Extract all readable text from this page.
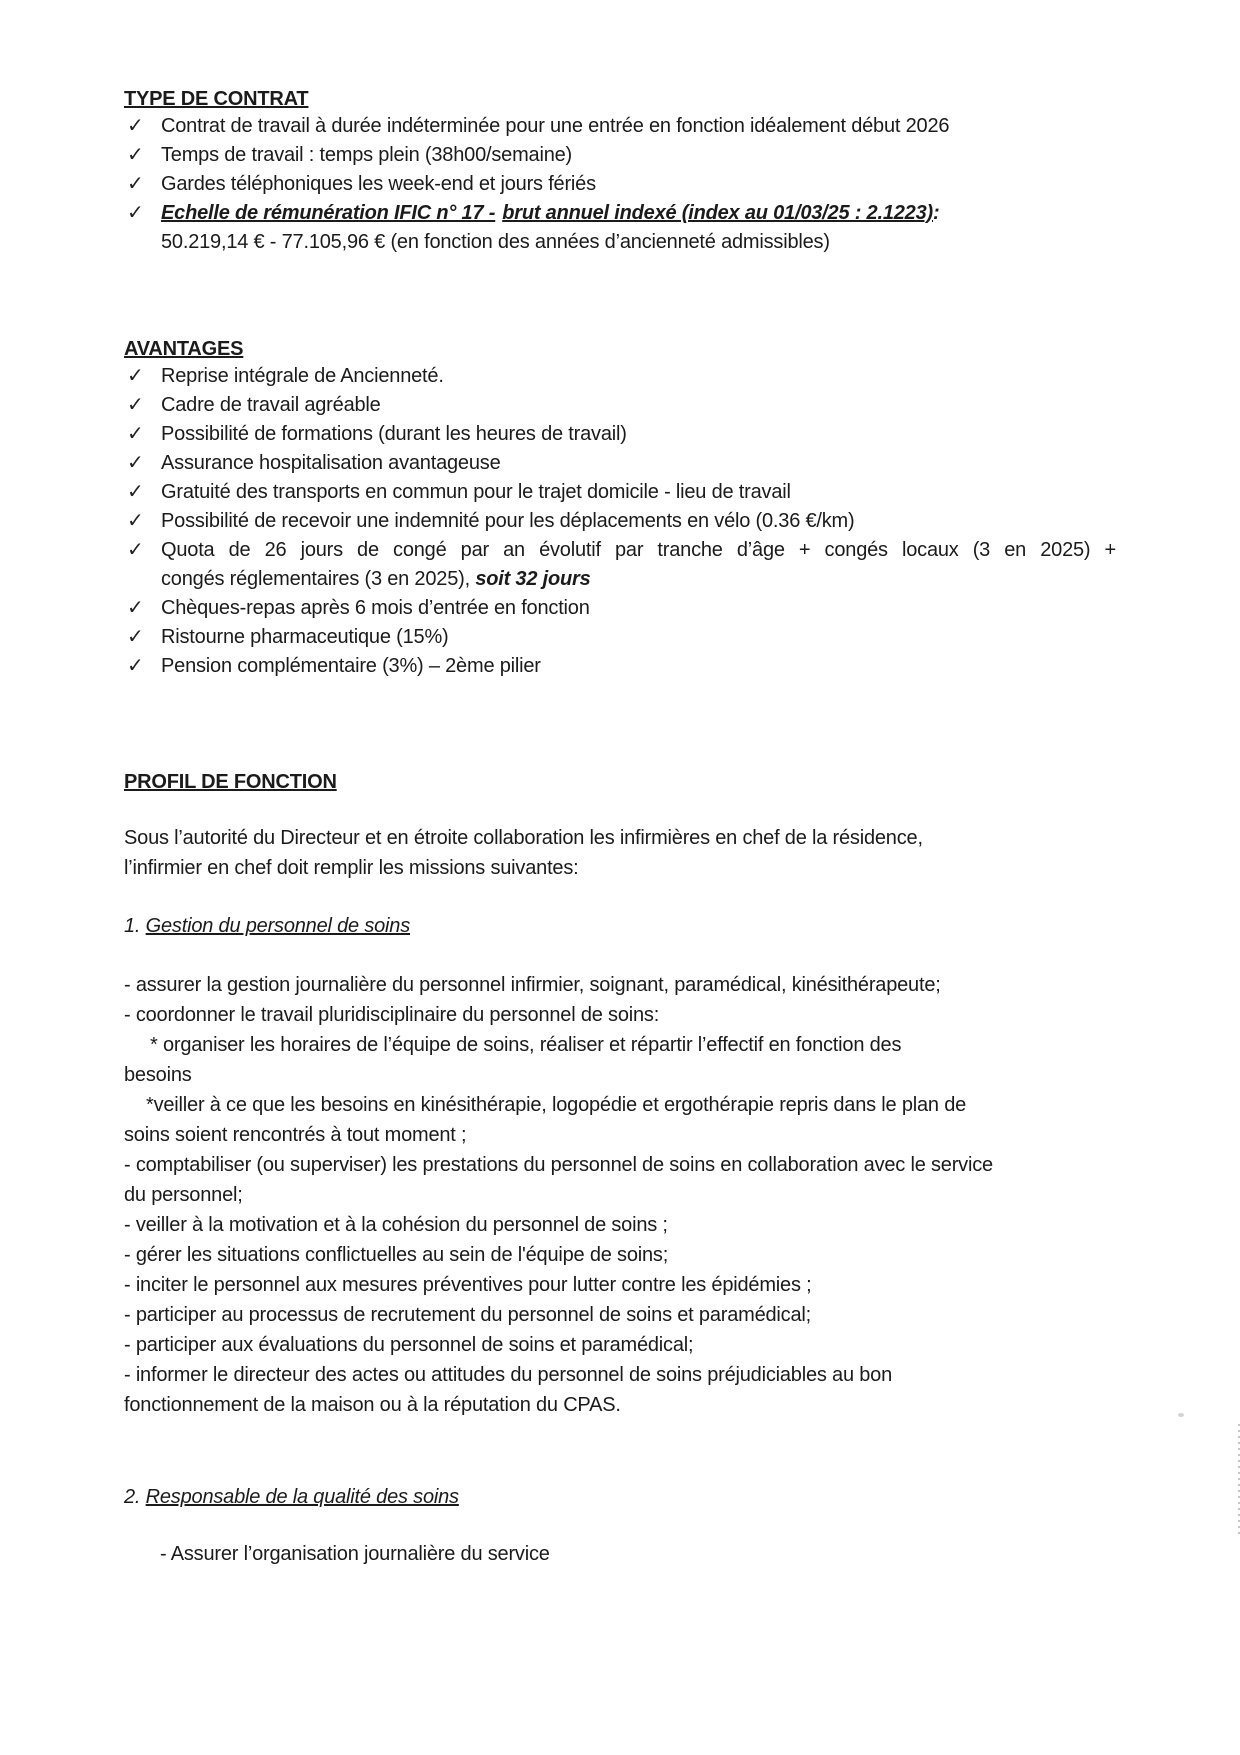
TYPE DE CONTRAT
✓ Contrat de travail à durée indéterminée pour une entrée en fonction idéalement début 2026
✓ Temps de travail : temps plein (38h00/semaine)
✓ Gardes téléphoniques les week-end et jours fériés
✓ Echelle de rémunération IFIC n° 17 - brut annuel indexé (index au 01/03/25 : 2.1223):
50.219,14 € - 77.105,96 € (en fonction des années d’ancienneté admissibles)
AVANTAGES
✓ Reprise intégrale de Ancienneté.
✓ Cadre de travail agréable
✓ Possibilité de formations (durant les heures de travail)
✓ Assurance hospitalisation avantageuse
✓ Gratuité des transports en commun pour le trajet domicile - lieu de travail
✓ Possibilité de recevoir une indemnité pour les déplacements en vélo (0.36 €/km)
✓ Quota de 26 jours de congé par an évolutif par tranche d’âge + congés locaux (3 en 2025) +
congés réglementaires (3 en 2025), soit 32 jours
✓ Chèques-repas après 6 mois d’entrée en fonction
✓ Ristourne pharmaceutique (15%)
✓ Pension complémentaire (3%) – 2ème pilier
PROFIL DE FONCTION
Sous l’autorité du Directeur et en étroite collaboration les infirmières en chef de la résidence,
l’infirmier en chef doit remplir les missions suivantes:
1. Gestion du personnel de soins
- assurer la gestion journalière du personnel infirmier, soignant, paramédical, kinésithérapeute;
- coordonner le travail pluridisciplinaire du personnel de soins:
* organiser les horaires de l’équipe de soins, réaliser et répartir l’effectif en fonction des
besoins
*veiller à ce que les besoins en kinésithérapie, logopédie et ergothérapie repris dans le plan de
soins soient rencontrés à tout moment ;
- comptabiliser (ou superviser) les prestations du personnel de soins en collaboration avec le service
du personnel;
- veiller à la motivation et à la cohésion du personnel de soins ;
- gérer les situations conflictuelles au sein de l'équipe de soins;
- inciter le personnel aux mesures préventives pour lutter contre les épidémies ;
- participer au processus de recrutement du personnel de soins et paramédical;
- participer aux évaluations du personnel de soins et paramédical;
- informer le directeur des actes ou attitudes du personnel de soins préjudiciables au bon
fonctionnement de la maison ou à la réputation du CPAS.
2. Responsable de la qualité des soins
- Assurer l’organisation journalière du service
